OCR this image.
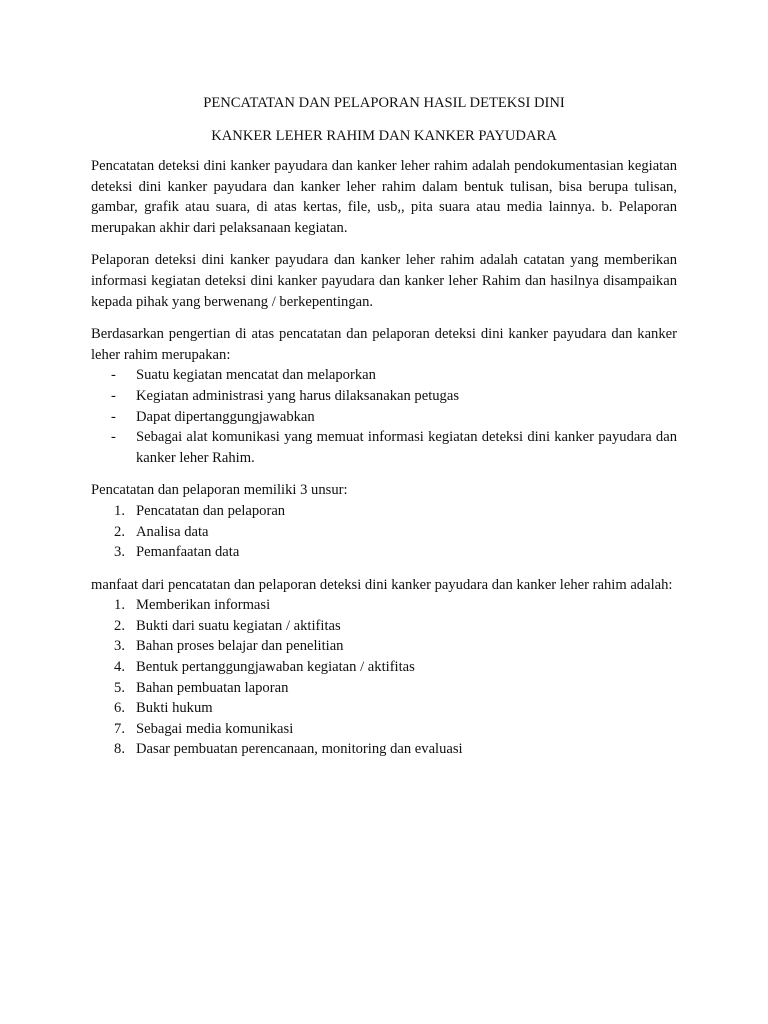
PENCATATAN DAN PELAPORAN HASIL DETEKSI DINI
KANKER LEHER RAHIM DAN KANKER PAYUDARA

Pencatatan deteksi dini kanker payudara dan kanker leher rahim adalah pendokumentasian kegiatan deteksi dini kanker payudara dan kanker leher rahim dalam bentuk tulisan, bisa berupa tulisan, gambar, grafik atau suara, di atas kertas, file, usb,, pita suara atau media lainnya. b. Pelaporan merupakan akhir dari pelaksanaan kegiatan.

Pelaporan deteksi dini kanker payudara dan kanker leher rahim adalah catatan yang memberikan informasi kegiatan deteksi dini kanker payudara dan kanker leher Rahim dan hasilnya disampaikan kepada pihak yang berwenang / berkepentingan.

Berdasarkan pengertian di atas pencatatan dan pelaporan deteksi dini kanker payudara dan kanker leher rahim merupakan:

- Suatu kegiatan mencatat dan melaporkan
- Kegiatan administrasi yang harus dilaksanakan petugas
- Dapat dipertanggungjawabkan
- Sebagai alat komunikasi yang memuat informasi kegiatan deteksi dini kanker payudara dan kanker leher Rahim.

Pencatatan dan pelaporan memiliki 3 unsur:

1. Pencatatan dan pelaporan
2. Analisa data
3. Pemanfaatan data

manfaat dari pencatatan dan pelaporan deteksi dini kanker payudara dan kanker leher rahim adalah:

1. Memberikan informasi
2. Bukti dari suatu kegiatan / aktifitas
3. Bahan proses belajar dan penelitian
4. Bentuk pertanggungjawaban kegiatan / aktifitas
5. Bahan pembuatan laporan
6. Bukti hukum
7. Sebagai media komunikasi
8. Dasar pembuatan perencanaan, monitoring dan evaluasi
